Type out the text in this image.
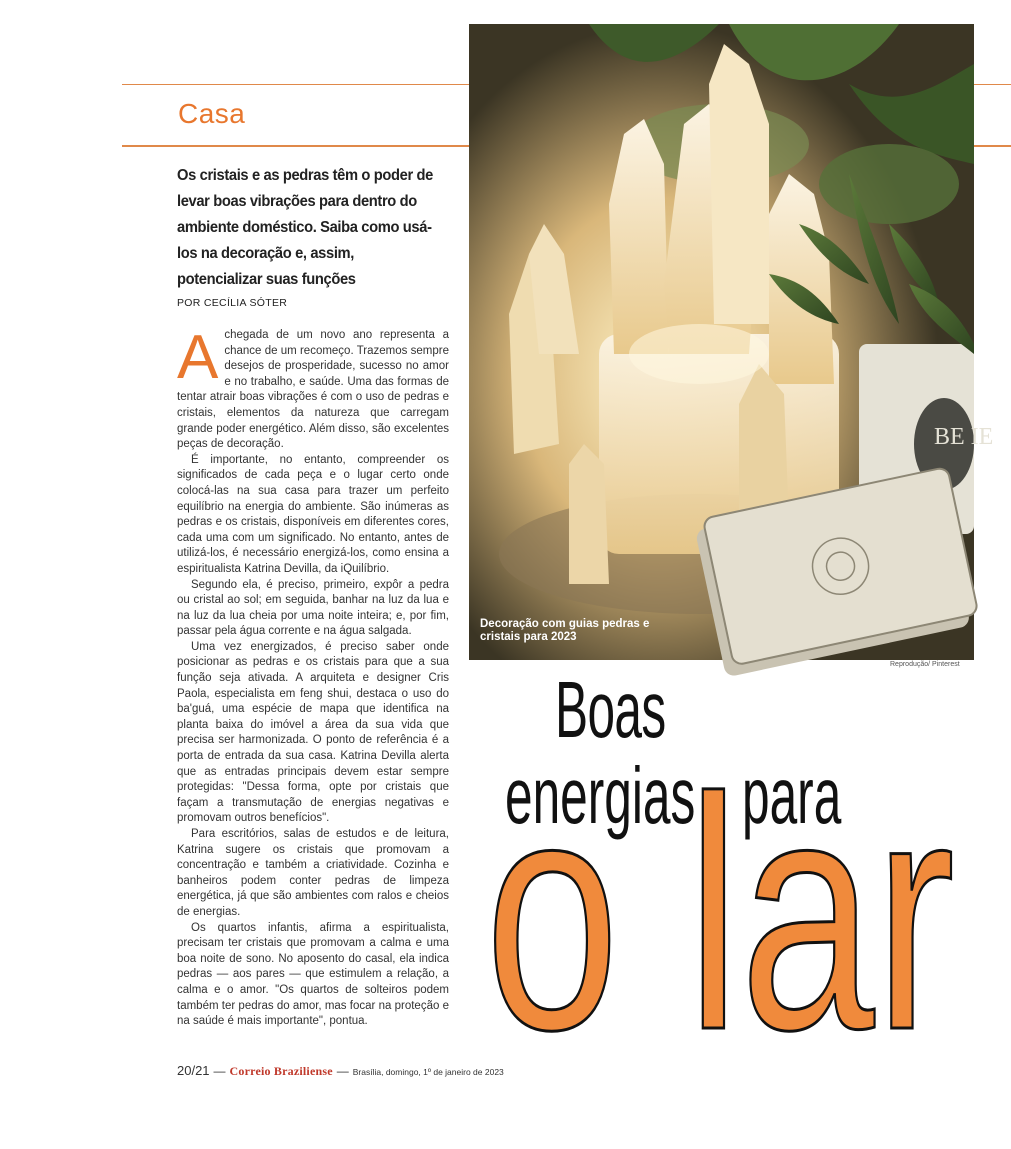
Casa
BE IE
Decoração com guias pedras e cristais para 2023
Reprodução/ Pinterest
Os cristais e as pedras têm o poder de levar boas vibrações para dentro do ambiente doméstico. Saiba como usá-los na decoração e, assim, potencializar suas funções
POR CECÍLIA SÓTER

Achegada de um novo ano representa a chance de um recomeço. Trazemos sempre desejos de prosperidade, sucesso no amor e no trabalho, e saúde. Uma das formas de tentar atrair boas vibrações é com o uso de pedras e cristais, elementos da natureza que carregam grande poder energético. Além disso, são excelentes peças de decoração.

É importante, no entanto, compreender os significados de cada peça e o lugar certo onde colocá-las na sua casa para trazer um perfeito equilíbrio na energia do ambiente. São inúmeras as pedras e os cristais, disponíveis em diferentes cores, cada uma com um significado. No entanto, antes de utilizá-los, é necessário energizá-los, como ensina a espiritualista Katrina Devilla, da iQuilíbrio.

Segundo ela, é preciso, primeiro, expôr a pedra ou cristal ao sol; em seguida, banhar na luz da lua e na luz da lua cheia por uma noite inteira; e, por fim, passar pela água corrente e na água salgada.

Uma vez energizados, é preciso saber onde posicionar as pedras e os cristais para que a sua função seja ativada. A arquiteta e designer Cris Paola, especialista em feng shui, destaca o uso do ba'guá, uma espécie de mapa que identifica na planta baixa do imóvel a área da sua vida que precisa ser harmonizada. O ponto de referência é a porta de entrada da sua casa. Katrina Devilla alerta que as entradas principais devem estar sempre protegidas: "Dessa forma, opte por cristais que façam a transmutação de energias negativas e promovam outros benefícios".

Para escritórios, salas de estudos e de leitura, Katrina sugere os cristais que promovam a concentração e também a criatividade. Cozinha e banheiros podem conter pedras de limpeza energética, já que são ambientes com ralos e cheios de energias.

Os quartos infantis, afirma a espiritualista, precisam ter cristais que promovam a calma e uma boa noite de sono. No aposento do casal, ela indica pedras — aos pares — que estimulem a relação, a calma e o amor. "Os quartos de solteiros podem também ter pedras do amor, mas focar na proteção e na saúde é mais importante", pontua.

Boas
energias para
o lar
20/21 — Correio Braziliense — Brasília, domingo, 1º de janeiro de 2023
